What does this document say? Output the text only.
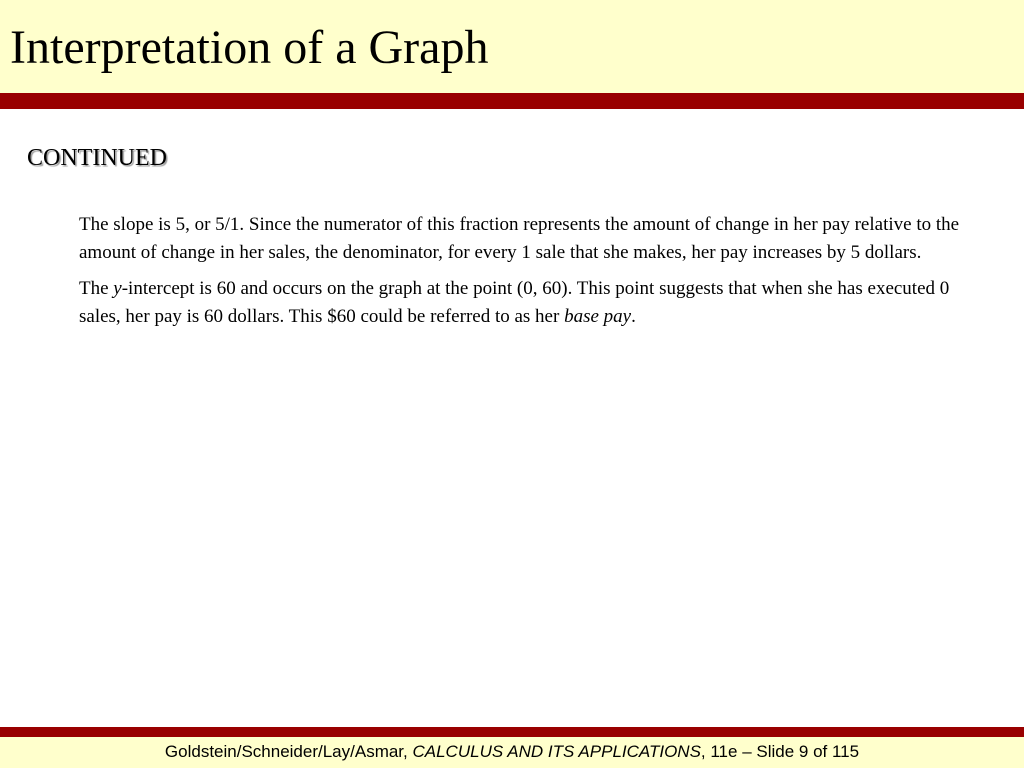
Interpretation of a Graph
CONTINUED

The slope is 5, or 5/1. Since the numerator of this fraction represents the amount of change in her pay relative to the amount of change in her sales, the denominator, for every 1 sale that she makes, her pay increases by 5 dollars.

The y-intercept is 60 and occurs on the graph at the point (0, 60). This point suggests that when she has executed 0 sales, her pay is 60 dollars. This $60 could be referred to as her base pay.

Goldstein/Schneider/Lay/Asmar, CALCULUS AND ITS APPLICATIONS, 11e – Slide 9 of 115
